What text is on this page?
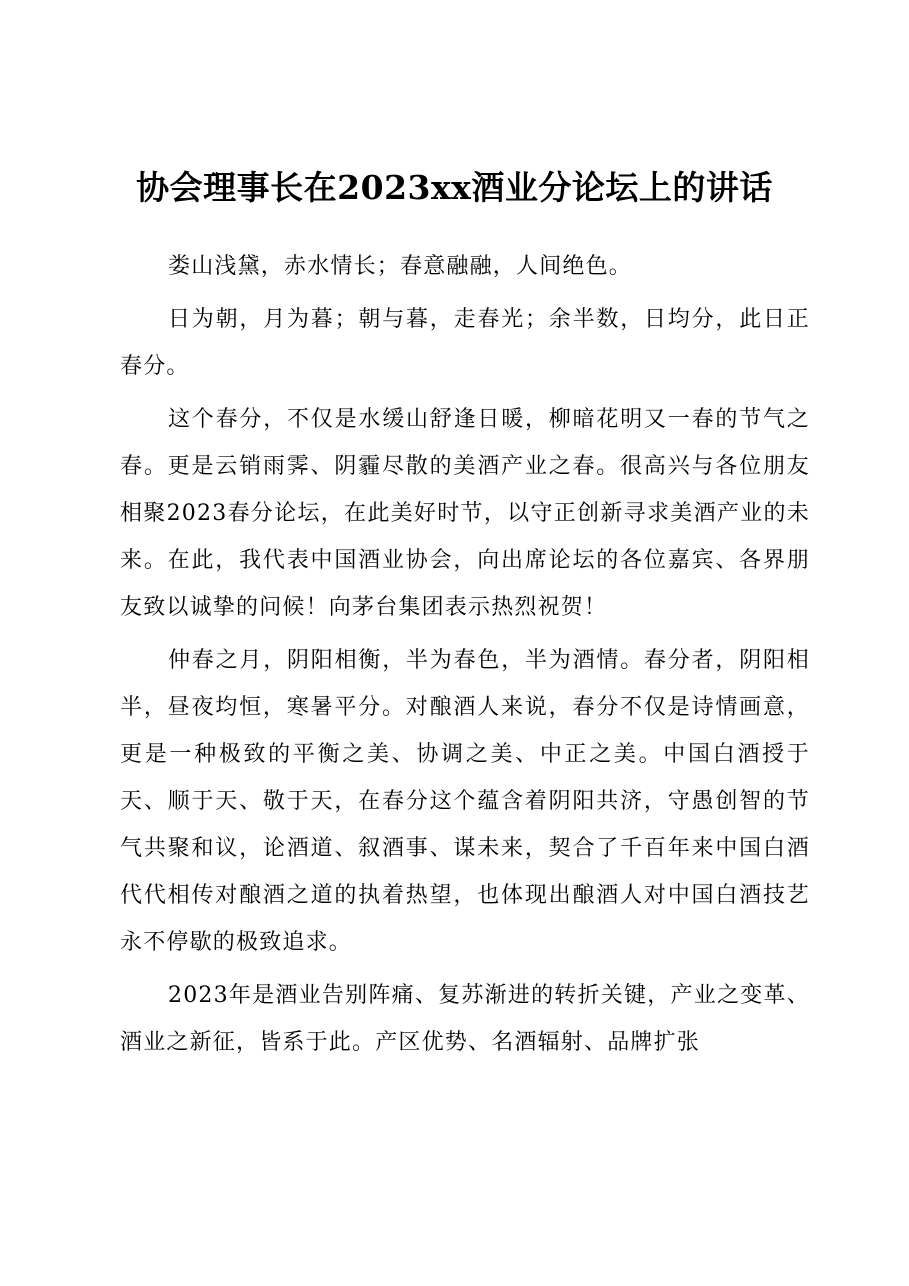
协会理事长在2023xx酒业分论坛上的讲话

娄山浅黛，赤水情长；春意融融，人间绝色。

日为朝，月为暮；朝与暮，走春光；余半数，日均分，此日正春分。

这个春分，不仅是水缓山舒逢日暖，柳暗花明又一春的节气之春。更是云销雨霁、阴霾尽散的美酒产业之春。很高兴与各位朋友相聚2023春分论坛，在此美好时节，以守正创新寻求美酒产业的未来。在此，我代表中国酒业协会，向出席论坛的各位嘉宾、各界朋友致以诚挚的问候！向茅台集团表示热烈祝贺！

仲春之月，阴阳相衡，半为春色，半为酒情。春分者，阴阳相半，昼夜均恒，寒暑平分。对酿酒人来说，春分不仅是诗情画意，更是一种极致的平衡之美、协调之美、中正之美。中国白酒授于天、顺于天、敬于天，在春分这个蕴含着阴阳共济，守愚创智的节气共聚和议，论酒道、叙酒事、谋未来，契合了千百年来中国白酒代代相传对酿酒之道的执着热望，也体现出酿酒人对中国白酒技艺永不停歇的极致追求。

2023年是酒业告别阵痛、复苏渐进的转折关键，产业之变革、酒业之新征，皆系于此。产区优势、名酒辐射、品牌扩张
